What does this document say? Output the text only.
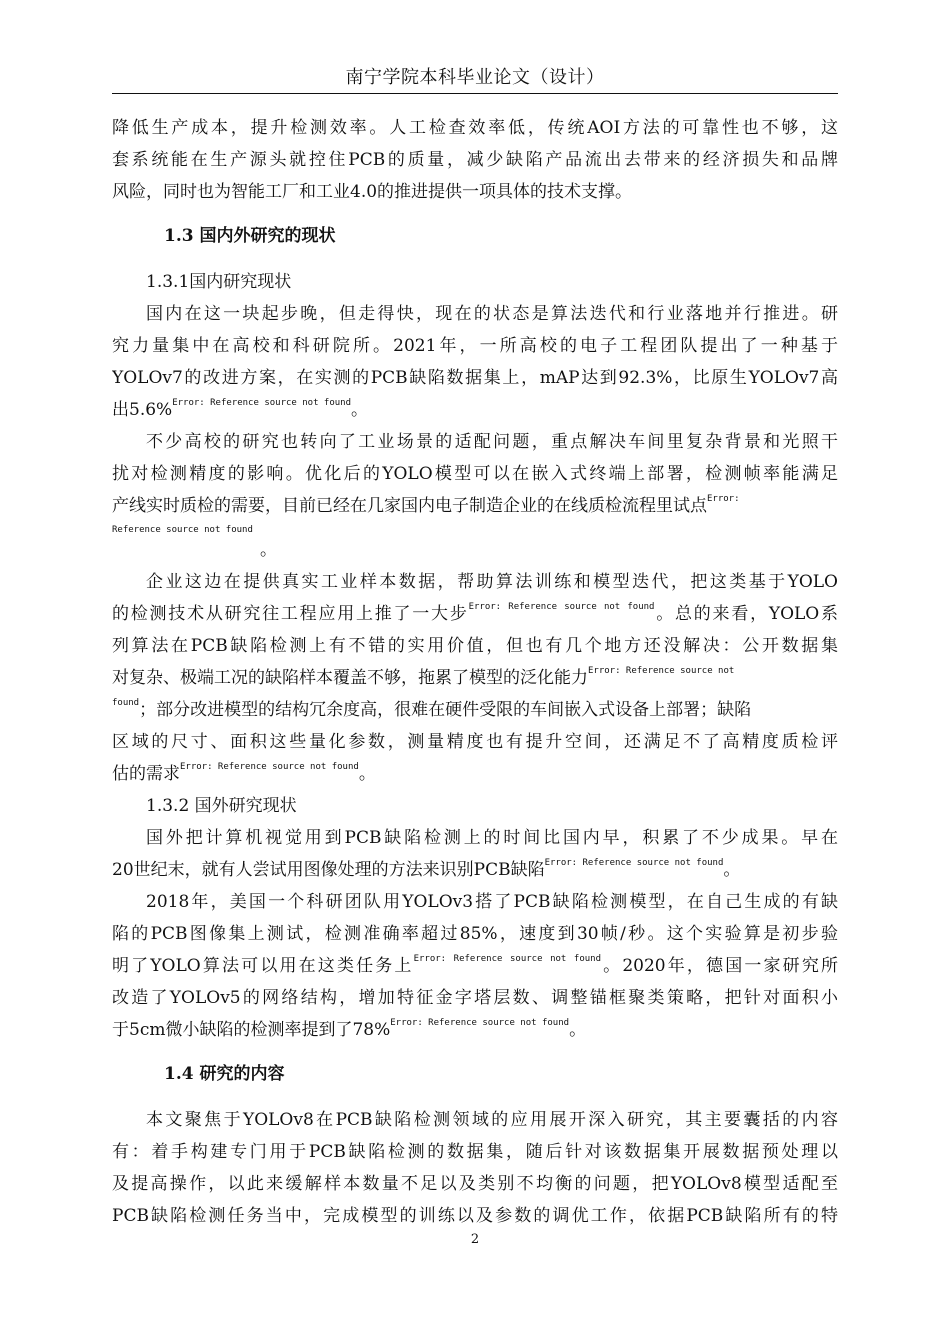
南宁学院本科毕业论文（设计）
降低生产成本，提升检测效率。人工检查效率低，传统AOI方法的可靠性也不够，这
套系统能在生产源头就控住PCB的质量，减少缺陷产品流出去带来的经济损失和品牌
风险，同时也为智能工厂和工业4.0的推进提供一项具体的技术支撑。
1.3 国内外研究的现状
1.3.1国内研究现状
国内在这一块起步晚，但走得快，现在的状态是算法迭代和行业落地并行推进。研
究力量集中在高校和科研院所。2021年，一所高校的电子工程团队提出了一种基于
YOLOv7的改进方案，在实测的PCB缺陷数据集上，mAP达到92.3%，比原生YOLOv7高
出5.6%$^{Error: Reference source not found}$。
不少高校的研究也转向了工业场景的适配问题，重点解决车间里复杂背景和光照干
扰对检测精度的影响。优化后的YOLO模型可以在嵌入式终端上部署，检测帧率能满足
产线实时质检的需要，目前已经在几家国内电子制造企业的在线质检流程里试点$^{Error:}$
Reference source not found
。
企业这边在提供真实工业样本数据，帮助算法训练和模型迭代，把这类基于YOLO
的检测技术从研究往工程应用上推了一大步$^{Error: Reference source not found}$。总的来看，YOLO系
列算法在PCB缺陷检测上有不错的实用价值，但也有几个地方还没解决：公开数据集
对复杂、极端工况的缺陷样本覆盖不够，拖累了模型的泛化能力$^{Error: Reference source not}$
$^{found}$；部分改进模型的结构冗余度高，很难在硬件受限的车间嵌入式设备上部署；缺陷
区域的尺寸、面积这些量化参数，测量精度也有提升空间，还满足不了高精度质检评
估的需求$^{Error: Reference source not found}$。
1.3.2 国外研究现状
国外把计算机视觉用到PCB缺陷检测上的时间比国内早，积累了不少成果。早在
20世纪末，就有人尝试用图像处理的方法来识别PCB缺陷$^{Error: Reference source not found}$。
2018年，美国一个科研团队用YOLOv3搭了PCB缺陷检测模型，在自己生成的有缺
陷的PCB图像集上测试，检测准确率超过85%，速度到30帧/秒。这个实验算是初步验
明了YOLO算法可以用在这类任务上$^{Error: Reference source not found}$。2020年，德国一家研究所
改造了YOLOv5的网络结构，增加特征金字塔层数、调整锚框聚类策略，把针对面积小
于5cm微小缺陷的检测率提到了78%$^{Error: Reference source not found}$。
1.4 研究的内容
本文聚焦于YOLOv8在PCB缺陷检测领域的应用展开深入研究，其主要囊括的内容
有：着手构建专门用于PCB缺陷检测的数据集，随后针对该数据集开展数据预处理以
及提高操作，以此来缓解样本数量不足以及类别不均衡的问题，把YOLOv8模型适配至
PCB缺陷检测任务当中，完成模型的训练以及参数的调优工作，依据PCB缺陷所有的特
2
